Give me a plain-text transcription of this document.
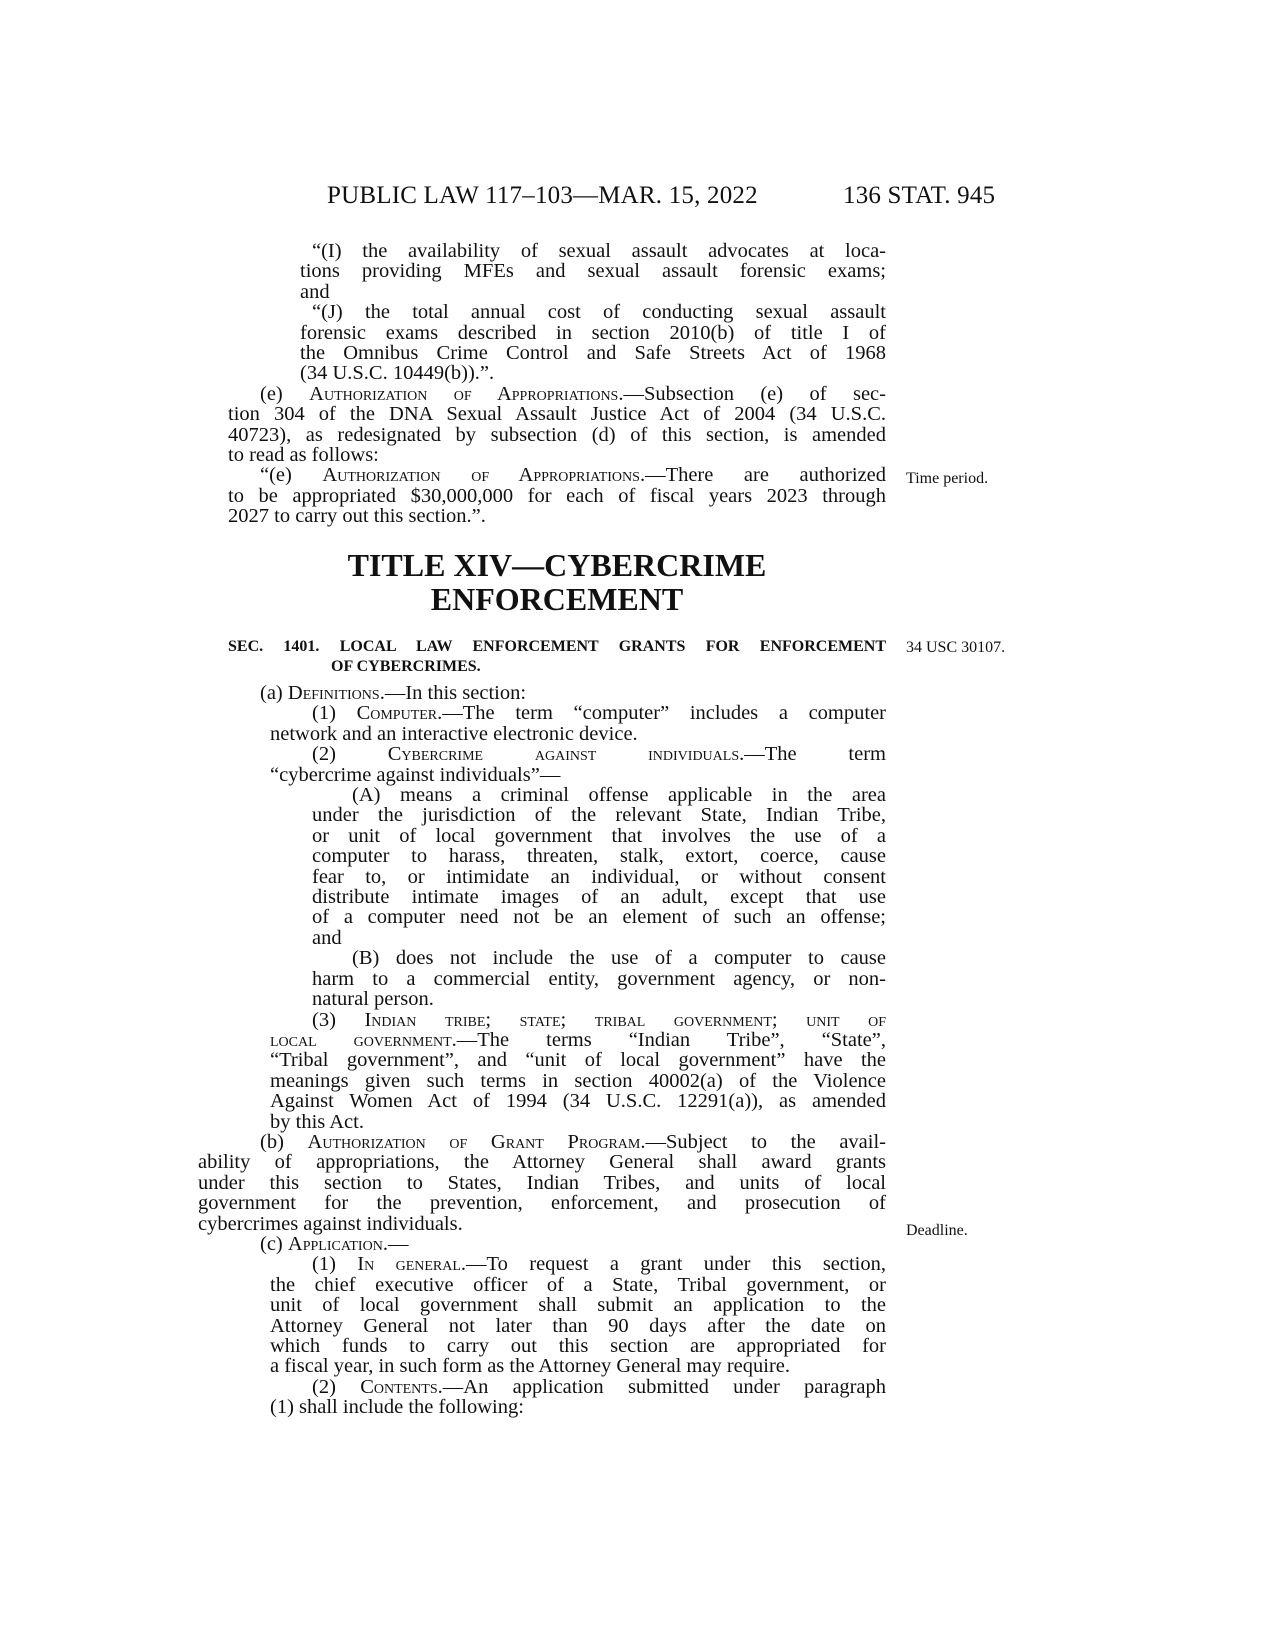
PUBLIC LAW 117–103—MAR. 15, 2022	136 STAT. 945

“(I) the availability of sexual assault advocates at loca-

tions providing MFEs and sexual assault forensic exams;

and

“(J) the total annual cost of conducting sexual assault

forensic exams described in section 2010(b) of title I of

the Omnibus Crime Control and Safe Streets Act of 1968

(34 U.S.C. 10449(b)).”.

(e) Authorization of Appropriations.—Subsection (e) of sec-

tion 304 of the DNA Sexual Assault Justice Act of 2004 (34 U.S.C.

40723), as redesignated by subsection (d) of this section, is amended

to read as follows:

“(e) Authorization of Appropriations.—There are authorized

to be appropriated $30,000,000 for each of fiscal years 2023 through

2027 to carry out this section.”.

Time period.
TITLE XIV—CYBERCRIME
ENFORCEMENT
SEC. 1401. LOCAL LAW ENFORCEMENT GRANTS FOR ENFORCEMENT
OF CYBERCRIMES.
34 USC 30107.

(a) Definitions.—In this section:

(1) Computer.—The term “computer” includes a computer

network and an interactive electronic device.

(2) Cybercrime against individuals.—The term

“cybercrime against individuals”—

(A) means a criminal offense applicable in the area

under the jurisdiction of the relevant State, Indian Tribe,

or unit of local government that involves the use of a

computer to harass, threaten, stalk, extort, coerce, cause

fear to, or intimidate an individual, or without consent

distribute intimate images of an adult, except that use

of a computer need not be an element of such an offense;

and

(B) does not include the use of a computer to cause

harm to a commercial entity, government agency, or non-

natural person.

(3) Indian tribe; state; tribal government; unit of

local government.—The terms “Indian Tribe”, “State”,

“Tribal government”, and “unit of local government” have the

meanings given such terms in section 40002(a) of the Violence

Against Women Act of 1994 (34 U.S.C. 12291(a)), as amended

by this Act.

(b) Authorization of Grant Program.—Subject to the avail-

ability of appropriations, the Attorney General shall award grants

under this section to States, Indian Tribes, and units of local

government for the prevention, enforcement, and prosecution of

cybercrimes against individuals.

(c) Application.—

(1) In general.—To request a grant under this section,

the chief executive officer of a State, Tribal government, or

unit of local government shall submit an application to the

Attorney General not later than 90 days after the date on

which funds to carry out this section are appropriated for

a fiscal year, in such form as the Attorney General may require.

(2) Contents.—An application submitted under paragraph

(1) shall include the following:

Deadline.
